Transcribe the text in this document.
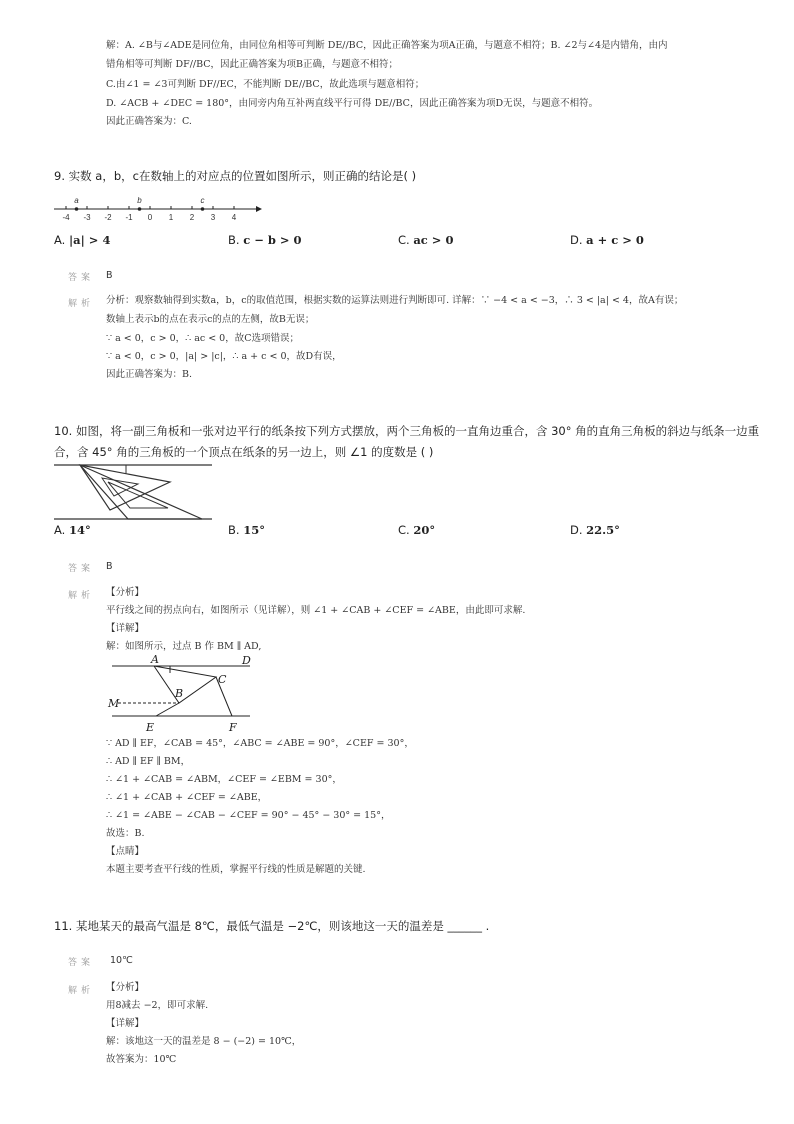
解：A. ∠B与∠ADE是同位角，由同位角相等可判断 DE//BC，因此正确答案为项A正确，与题意不相符；B. ∠2与∠4是内错角，由内
错角相等可判断 DF//BC，因此正确答案为项B正确，与题意不相符；
C.由∠1 = ∠3可判断 DF//EC，不能判断 DE//BC，故此选项与题意相符；
D. ∠ACB + ∠DEC = 180°，由同旁内角互补两直线平行可得 DE//BC，因此正确答案为项D无误，与题意不相符。
因此正确答案为：C.
9. 实数 a，b，c在数轴上的对应点的位置如图所示，则正确的结论是( )
-4 -3 -2 -1 0 1 2 3 4
a	b	c
A. |a| > 4	B. c − b > 0	C. ac > 0	D. a + c > 0
答案 B
解析 分析：观察数轴得到实数a，b，c的取值范围，根据实数的运算法则进行判断即可. 详解：∵ −4 < a < −3，∴ 3 < |a| < 4，故A有误；
数轴上表示b的点在表示c的点的左侧，故B无误；
∵ a < 0，c > 0，∴ ac < 0，故C选项错误；
∵ a < 0，c > 0，|a| > |c|，∴ a + c < 0，故D有误，
因此正确答案为：B.
10. 如图，将一副三角板和一张对边平行的纸条按下列方式摆放，两个三角板的一直角边重合，含 30° 角的直角三角板的斜边与纸条一边重
合，含 45° 角的三角板的一个顶点在纸条的另一边上，则 ∠1 的度数是 ( )
A. 14°	B. 15°	C. 20°	D. 22.5°
答案 B
解析 【分析】
平行线之间的拐点向右，如图所示（见详解），则 ∠1 + ∠CAB + ∠CEF = ∠ABE，由此即可求解.
【详解】
解：如图所示，过点 B 作 BM ∥ AD,
A	D
C
B
M
E	F
∵ AD ∥ EF，∠CAB = 45°，∠ABC = ∠ABE = 90°，∠CEF = 30°，
∴ AD ∥ EF ∥ BM，
∴ ∠1 + ∠CAB = ∠ABM，∠CEF = ∠EBM = 30°，
∴ ∠1 + ∠CAB + ∠CEF = ∠ABE，
∴ ∠1 = ∠ABE − ∠CAB − ∠CEF = 90° − 45° − 30° = 15°，
故选：B.
【点睛】
本题主要考查平行线的性质，掌握平行线的性质是解题的关键.
11. 某地某天的最高气温是 8℃，最低气温是 −2℃，则该地这一天的温差是 ______ .
答案 10℃
解析 【分析】
用8减去 −2，即可求解.
【详解】
解：该地这一天的温差是 8 − (−2) = 10℃，
故答案为：10℃
